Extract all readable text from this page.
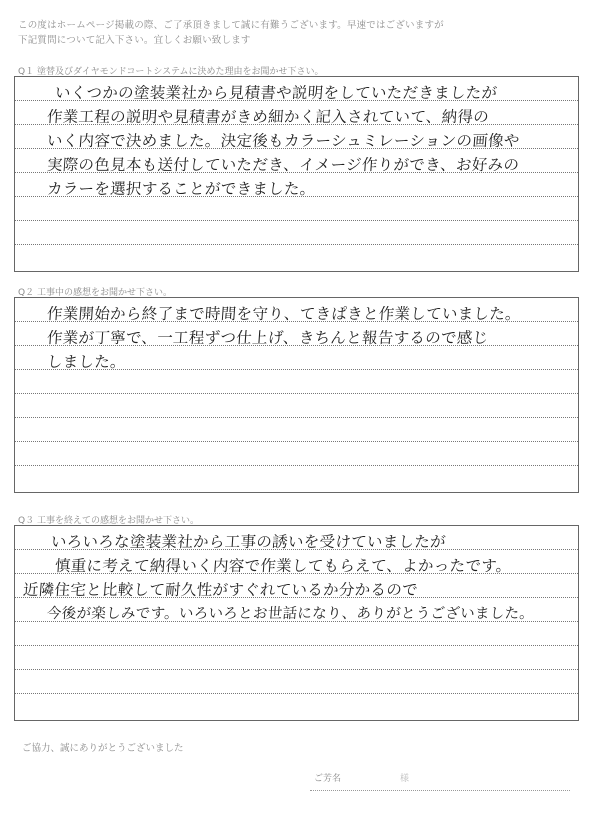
この度はホームページ掲載の際、ご了承頂きまして誠に有難うございます。早速ではございますが
下記質問について記入下さい。宜しくお願い致します
Q１ 塗替及びダイヤモンドコートシステムに決めた理由をお聞かせ下さい。
いくつかの塗装業社から見積書や説明をしていただきましたが
作業工程の説明や見積書がきめ細かく記入されていて、納得の
いく内容で決めました。決定後もカラーシュミレーションの画像や
実際の色見本も送付していただき、イメージ作りができ、お好みの
カラーを選択することができました。
Q２ 工事中の感想をお聞かせ下さい。
作業開始から終了まで時間を守り、てきぱきと作業していました。
作業が丁寧で、一工程ずつ仕上げ、きちんと報告するので感じ
しました。
Q３ 工事を終えての感想をお聞かせ下さい。
いろいろな塗装業社から工事の誘いを受けていましたが
慎重に考えて納得いく内容で作業してもらえて、よかったです。
近隣住宅と比較して耐久性がすぐれているか分かるので
今後が楽しみです。いろいろとお世話になり、ありがとうございました。
ご協力、誠にありがとうございました
ご芳名	様
